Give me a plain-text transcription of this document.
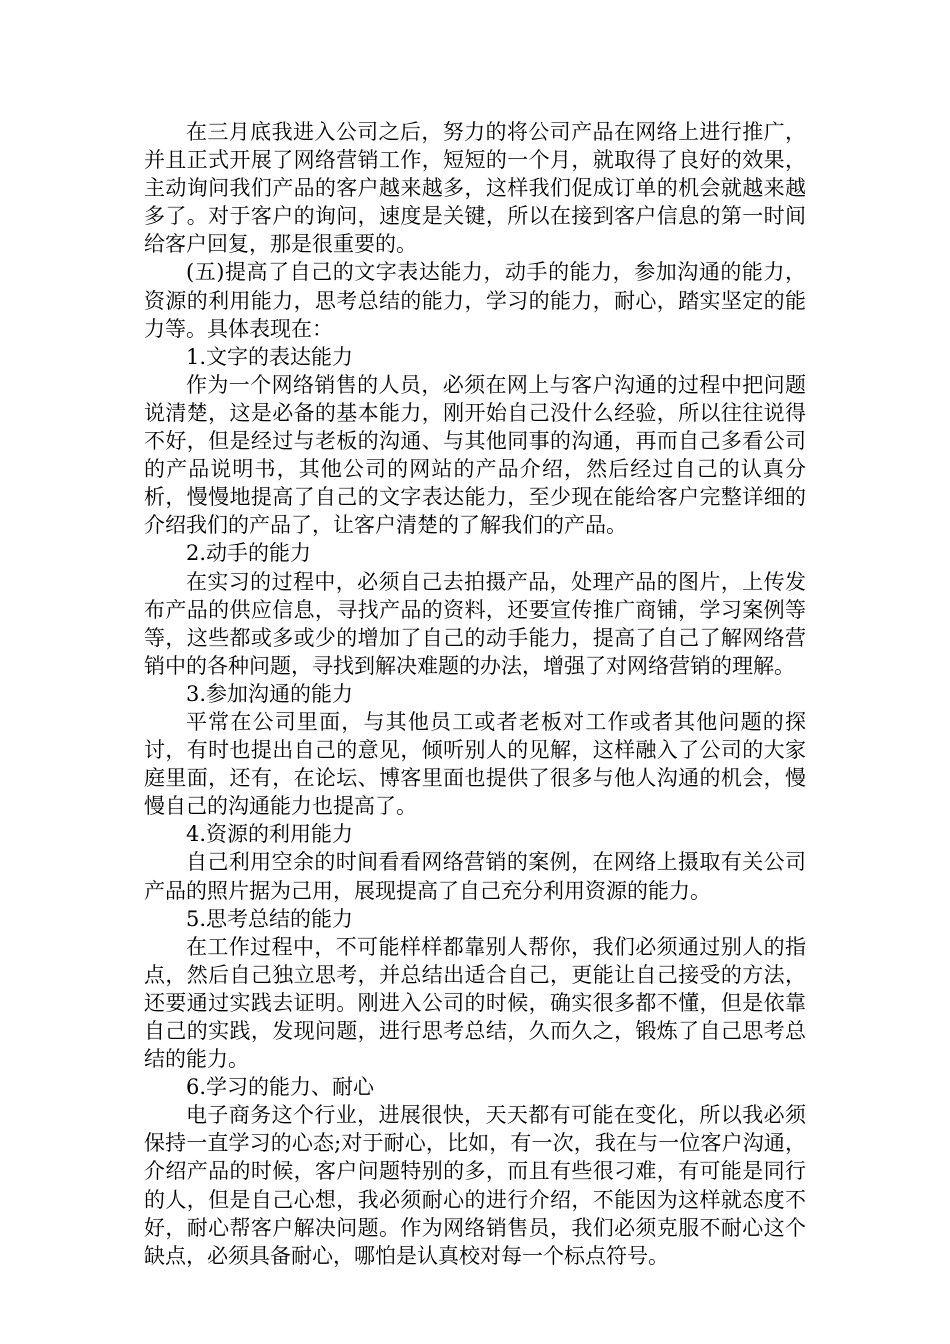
在三月底我进入公司之后，努力的将公司产品在网络上进行推广，并且正式开展了网络营销工作，短短的一个月，就取得了良好的效果，主动询问我们产品的客户越来越多，这样我们促成订单的机会就越来越多了。对于客户的询问，速度是关键，所以在接到客户信息的第一时间给客户回复，那是很重要的。

(五)提高了自己的文字表达能力，动手的能力，参加沟通的能力，资源的利用能力，思考总结的能力，学习的能力，耐心，踏实坚定的能力等。具体表现在：

1.文字的表达能力

作为一个网络销售的人员，必须在网上与客户沟通的过程中把问题说清楚，这是必备的基本能力，刚开始自己没什么经验，所以往往说得不好，但是经过与老板的沟通、与其他同事的沟通，再而自己多看公司的产品说明书，其他公司的网站的产品介绍，然后经过自己的认真分析，慢慢地提高了自己的文字表达能力，至少现在能给客户完整详细的介绍我们的产品了，让客户清楚的了解我们的产品。

2.动手的能力

在实习的过程中，必须自己去拍摄产品，处理产品的图片，上传发布产品的供应信息，寻找产品的资料，还要宣传推广商铺，学习案例等等，这些都或多或少的增加了自己的动手能力，提高了自己了解网络营销中的各种问题，寻找到解决难题的办法，增强了对网络营销的理解。

3.参加沟通的能力

平常在公司里面，与其他员工或者老板对工作或者其他问题的探讨，有时也提出自己的意见，倾听别人的见解，这样融入了公司的大家庭里面，还有，在论坛、博客里面也提供了很多与他人沟通的机会，慢慢自己的沟通能力也提高了。

4.资源的利用能力

自己利用空余的时间看看网络营销的案例，在网络上摄取有关公司产品的照片据为己用，展现提高了自己充分利用资源的能力。

5.思考总结的能力

在工作过程中，不可能样样都靠别人帮你，我们必须通过别人的指点，然后自己独立思考，并总结出适合自己，更能让自己接受的方法，还要通过实践去证明。刚进入公司的时候，确实很多都不懂，但是依靠自己的实践，发现问题，进行思考总结，久而久之，锻炼了自己思考总结的能力。

6.学习的能力、耐心

电子商务这个行业，进展很快，天天都有可能在变化，所以我必须保持一直学习的心态;对于耐心，比如，有一次，我在与一位客户沟通，介绍产品的时候，客户问题特别的多，而且有些很刁难，有可能是同行的人，但是自己心想，我必须耐心的进行介绍，不能因为这样就态度不好，耐心帮客户解决问题。作为网络销售员，我们必须克服不耐心这个缺点，必须具备耐心，哪怕是认真校对每一个标点符号。
